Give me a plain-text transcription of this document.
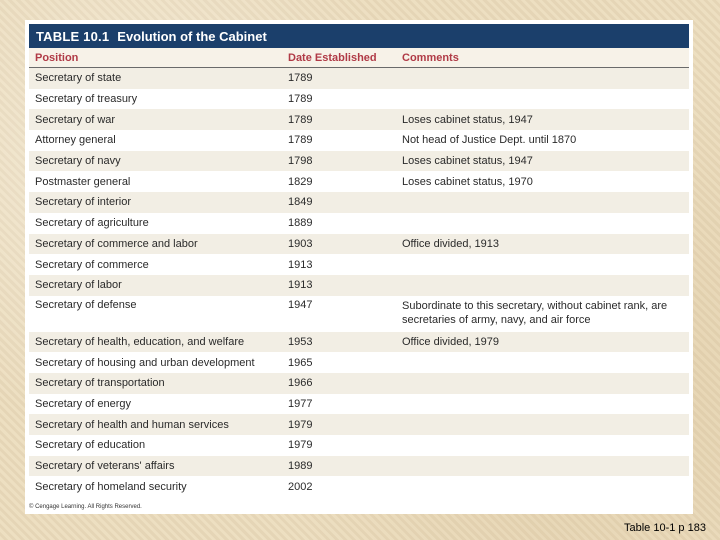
TABLE 10.1 Evolution of the Cabinet
Position	Date Established	Comments
Secretary of state	1789
Secretary of treasury	1789
Secretary of war	1789	Loses cabinet status, 1947
Attorney general	1789	Not head of Justice Dept. until 1870
Secretary of navy	1798	Loses cabinet status, 1947
Postmaster general	1829	Loses cabinet status, 1970
Secretary of interior	1849
Secretary of agriculture	1889
Secretary of commerce and labor	1903	Office divided, 1913
Secretary of commerce	1913
Secretary of labor	1913
Secretary of defense	1947	Subordinate to this secretary, without cabinet rank, are secretaries of army, navy, and air force
Secretary of health, education, and welfare	1953	Office divided, 1979
Secretary of housing and urban development	1965
Secretary of transportation	1966
Secretary of energy	1977
Secretary of health and human services	1979
Secretary of education	1979
Secretary of veterans' affairs	1989
Secretary of homeland security	2002
© Cengage Learning. All Rights Reserved.
Table 10-1 p 183
